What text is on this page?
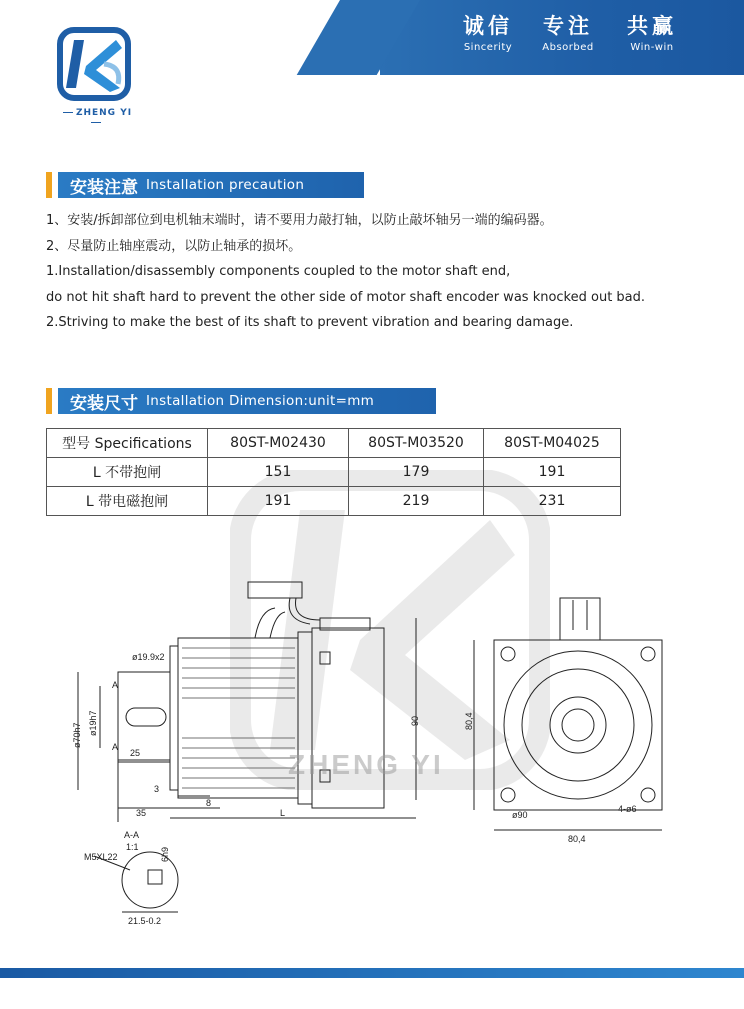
诚信
Sincerity
专注
Absorbed
共赢
Win-win
ZHENG YI
安装注意 Installation precaution

1、安装/拆卸部位到电机轴末端时，请不要用力敲打轴，以防止敲坏轴另一端的编码器。

2、尽量防止轴座震动，以防止轴承的损坏。

1.Installation/disassembly components coupled to the motor shaft end,

do not hit shaft hard to prevent the other side of motor shaft encoder was knocked out bad.

2.Striving to make the best of its shaft to prevent vibration and bearing damage.

安装尺寸 Installation Dimension:unit=mm
型号 Specifications	80ST-M02430	80ST-M03520	80ST-M04025
L 不带抱闸	151	179	191
L 带电磁抱闸	191	219	231
ø19.9x2
ø70h7 ø19h7
A
A
25
3
8
35	L
90	80,4
80,4
ø90
4-ø6
A-A
1:1
M5XL22	6h9
21.5-0.2
ZHENG YI
